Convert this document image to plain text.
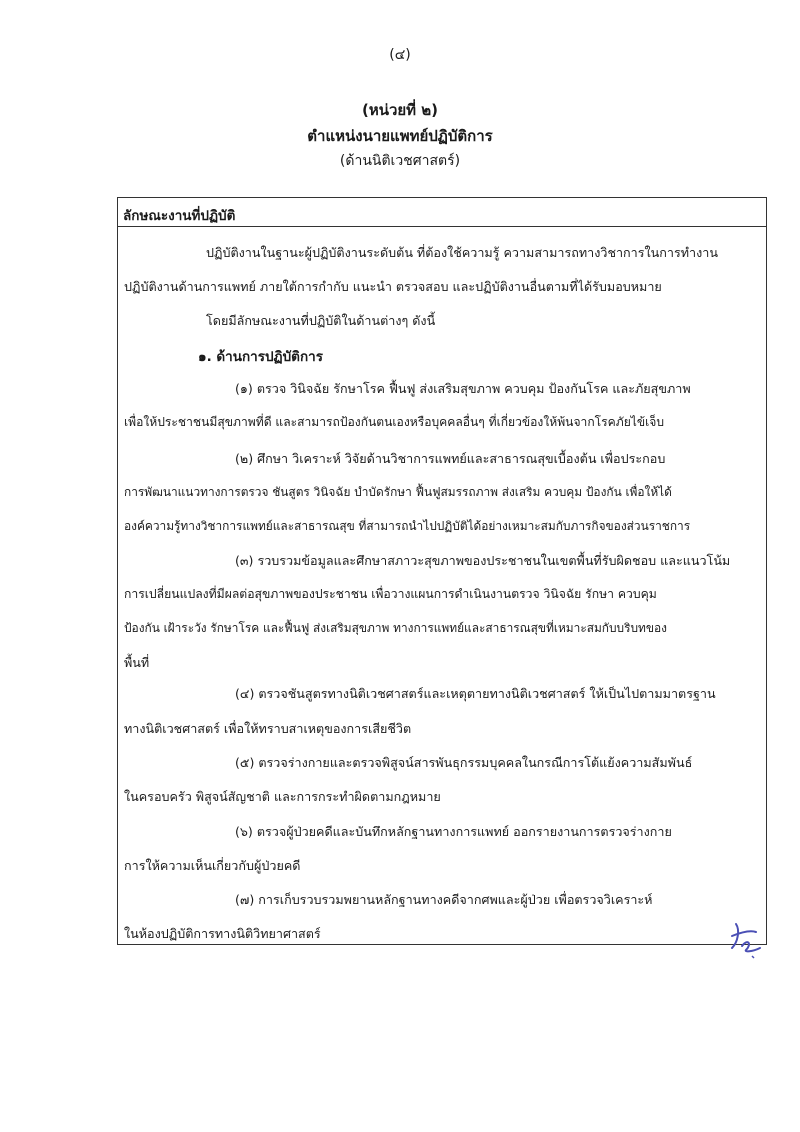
(๔)
(หน่วยที่ ๒)
ตำแหน่งนายแพทย์ปฏิบัติการ
(ด้านนิติเวชศาสตร์)
ลักษณะงานที่ปฏิบัติ
ปฏิบัติงานในฐานะผู้ปฏิบัติงานระดับต้น ที่ต้องใช้ความรู้ ความสามารถทางวิชาการในการทำงาน
ปฏิบัติงานด้านการแพทย์ ภายใต้การกำกับ แนะนำ ตรวจสอบ และปฏิบัติงานอื่นตามที่ได้รับมอบหมาย
โดยมีลักษณะงานที่ปฏิบัติในด้านต่างๆ ดังนี้
๑. ด้านการปฏิบัติการ
(๑) ตรวจ วินิจฉัย รักษาโรค ฟื้นฟู ส่งเสริมสุขภาพ ควบคุม ป้องกันโรค และภัยสุขภาพ
เพื่อให้ประชาชนมีสุขภาพที่ดี และสามารถป้องกันตนเองหรือบุคคลอื่นๆ ที่เกี่ยวข้องให้พ้นจากโรคภัยไข้เจ็บ
(๒) ศึกษา วิเคราะห์ วิจัยด้านวิชาการแพทย์และสาธารณสุขเบื้องต้น เพื่อประกอบ
การพัฒนาแนวทางการตรวจ ชันสูตร วินิจฉัย บำบัดรักษา ฟื้นฟูสมรรถภาพ ส่งเสริม ควบคุม ป้องกัน เพื่อให้ได้
องค์ความรู้ทางวิชาการแพทย์และสาธารณสุข ที่สามารถนำไปปฏิบัติได้อย่างเหมาะสมกับภารกิจของส่วนราชการ
(๓) รวบรวมข้อมูลและศึกษาสภาวะสุขภาพของประชาชนในเขตพื้นที่รับผิดชอบ และแนวโน้ม
การเปลี่ยนแปลงที่มีผลต่อสุขภาพของประชาชน เพื่อวางแผนการดำเนินงานตรวจ วินิจฉัย รักษา ควบคุม
ป้องกัน เฝ้าระวัง รักษาโรค และฟื้นฟู ส่งเสริมสุขภาพ ทางการแพทย์และสาธารณสุขที่เหมาะสมกับบริบทของ
พื้นที่
(๔) ตรวจชันสูตรทางนิติเวชศาสตร์และเหตุตายทางนิติเวชศาสตร์ ให้เป็นไปตามมาตรฐาน
ทางนิติเวชศาสตร์ เพื่อให้ทราบสาเหตุของการเสียชีวิต
(๕) ตรวจร่างกายและตรวจพิสูจน์สารพันธุกรรมบุคคลในกรณีการโต้แย้งความสัมพันธ์
ในครอบครัว พิสูจน์สัญชาติ และการกระทำผิดตามกฎหมาย
(๖) ตรวจผู้ป่วยคดีและบันทึกหลักฐานทางการแพทย์ ออกรายงานการตรวจร่างกาย
การให้ความเห็นเกี่ยวกับผู้ป่วยคดี
(๗) การเก็บรวบรวมพยานหลักฐานทางคดีจากศพและผู้ป่วย เพื่อตรวจวิเคราะห์
ในห้องปฏิบัติการทางนิติวิทยาศาสตร์
